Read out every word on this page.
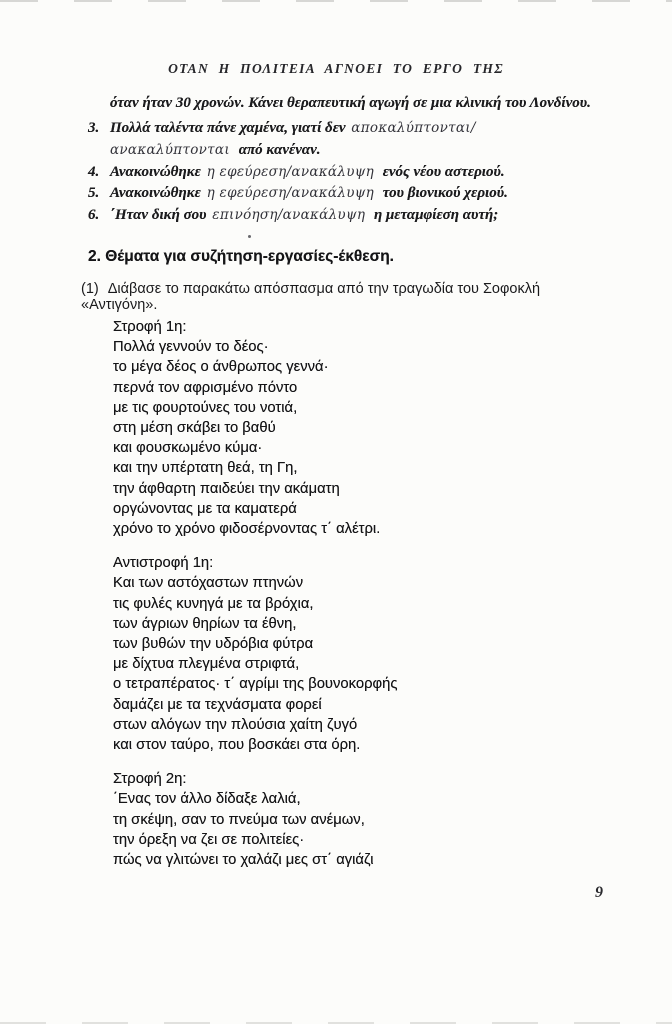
ΟΤΑΝ Η ΠΟΛΙΤΕΙΑ ΑΓΝΟΕΙ ΤΟ ΕΡΓΟ ΤΗΣ
όταν ήταν 30 χρονών. Κάνει θεραπευτική αγωγή σε μια κλινική του Λονδίνου.
3. Πολλά ταλέντα πάνε χαμένα, γιατί δεν αποκαλύπτονται/ανακαλύπτονται από κανέναν.
4. Ανακοινώθηκε η εφεύρεση/ανακάλυψη ενός νέου αστεριού.
5. Ανακοινώθηκε η εφεύρεση/ανακάλυψη του βιονικού χεριού.
6. ΄Ηταν δική σου επινόηση/ανακάλυψη η μεταμφίεση αυτή;
2. Θέματα για συζήτηση-εργασίες-έκθεση.
(1) Διάβασε το παρακάτω απόσπασμα από την τραγωδία του Σοφοκλή «Αντιγόνη».
Στροφή 1η:
Πολλά γεννούν το δέος·
το μέγα δέος ο άνθρωπος γεννά·
περνά τον αφρισμένο πόντο
με τις φουρτούνες του νοτιά,
στη μέση σκάβει το βαθύ
και φουσκωμένο κύμα·
και την υπέρτατη θεά, τη Γη,
την άφθαρτη παιδεύει την ακάματη
οργώνοντας με τα καματερά
χρόνο το χρόνο φιδοσέρνοντας τ΄ αλέτρι.
Αντιστροφή 1η:
Και των αστόχαστων πτηνών
τις φυλές κυνηγά με τα βρόχια,
των άγριων θηρίων τα έθνη,
των βυθών την υδρόβια φύτρα
με δίχτυα πλεγμένα στριφτά,
ο τετραπέρατος· τ΄ αγρίμι της βουνοκορφής
δαμάζει με τα τεχνάσματα φορεί
στων αλόγων την πλούσια χαίτη ζυγό
και στον ταύρο, που βοσκάει στα όρη.
Στροφή 2η:
΄Ενας τον άλλο δίδαξε λαλιά,
τη σκέψη, σαν το πνεύμα των ανέμων,
την όρεξη να ζει σε πολιτείες·
πώς να γλιτώνει το χαλάζι μες στ΄ αγιάζι
9
